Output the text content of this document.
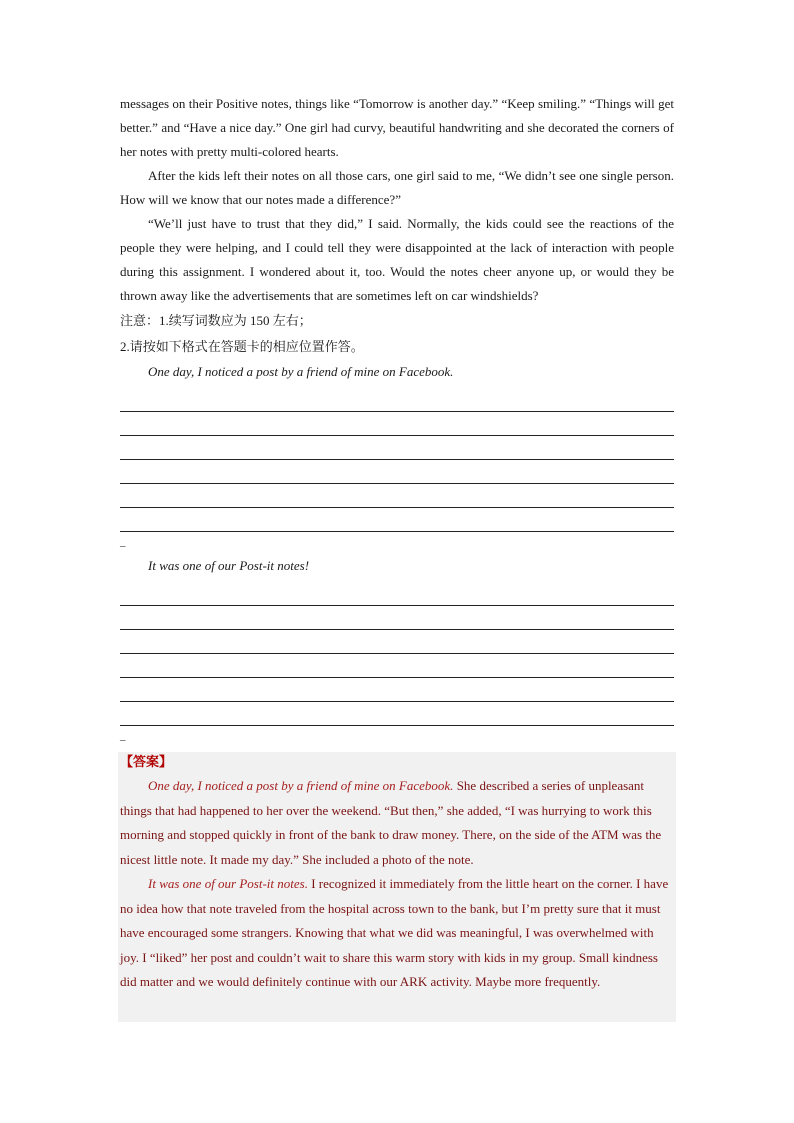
messages on their Positive notes, things like “Tomorrow is another day.” “Keep smiling.” “Things will get better.” and “Have a nice day.” One girl had curvy, beautiful handwriting and she decorated the corners of her notes with pretty multi-colored hearts.

After the kids left their notes on all those cars, one girl said to me, “We didn’t see one single person. How will we know that our notes made a difference?”

“We’ll just have to trust that they did,” I said. Normally, the kids could see the reactions of the people they were helping, and I could tell they were disappointed at the lack of interaction with people during this assignment. I wondered about it, too. Would the notes cheer anyone up, or would they be thrown away like the advertisements that are sometimes left on car windshields?

注意：1.续写词数应为 150 左右；

2.请按如下格式在答题卡的相应位置作答。

One day, I noticed a post by a friend of mine on Facebook.

_

It was one of our Post-it notes!

_

【答案】

One day, I noticed a post by a friend of mine on Facebook. She described a series of unpleasant things that had happened to her over the weekend. “But then,” she added, “I was hurrying to work this morning and stopped quickly in front of the bank to draw money. There, on the side of the ATM was the nicest little note. It made my day.” She included a photo of the note.

It was one of our Post-it notes. I recognized it immediately from the little heart on the corner. I have no idea how that note traveled from the hospital across town to the bank, but I’m pretty sure that it must have encouraged some strangers. Knowing that what we did was meaningful, I was overwhelmed with joy. I “liked” her post and couldn’t wait to share this warm story with kids in my group. Small kindness did matter and we would definitely continue with our ARK activity. Maybe more frequently.
